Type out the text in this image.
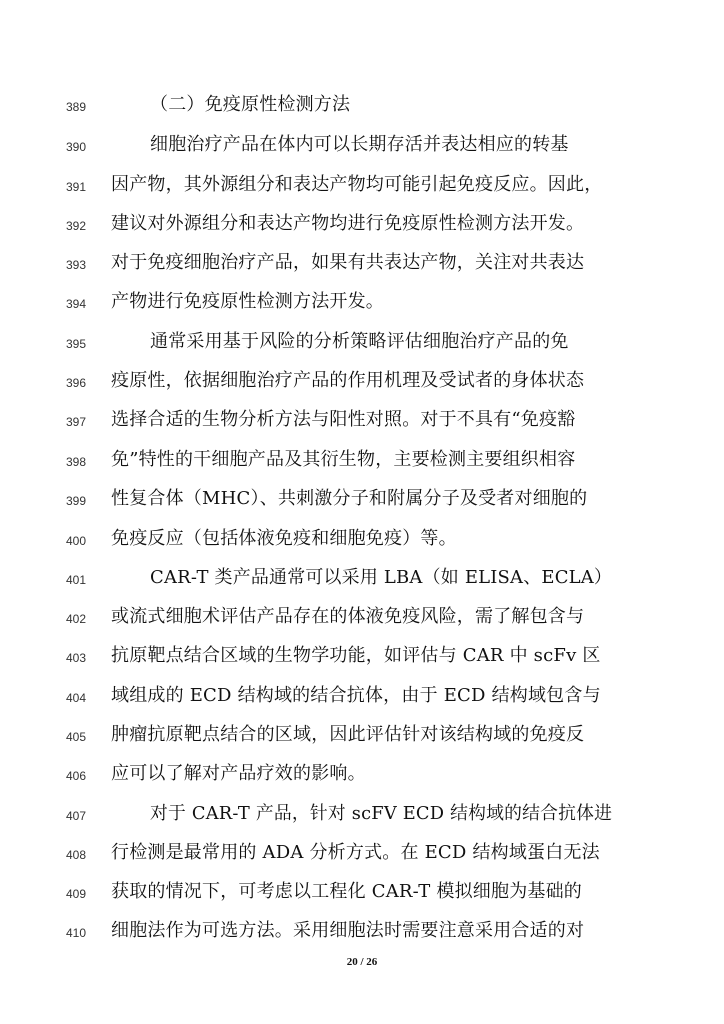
389	（二）免疫原性检测方法
390	细胞治疗产品在体内可以长期存活并表达相应的转基
391 因产物，其外源组分和表达产物均可能引起免疫反应。因此，
392 建议对外源组分和表达产物均进行免疫原性检测方法开发。
393 对于免疫细胞治疗产品，如果有共表达产物，关注对共表达
394 产物进行免疫原性检测方法开发。
395	通常采用基于风险的分析策略评估细胞治疗产品的免
396 疫原性，依据细胞治疗产品的作用机理及受试者的身体状态
397 选择合适的生物分析方法与阳性对照。对于不具有“免疫豁
398 免”特性的干细胞产品及其衍生物，主要检测主要组织相容
399 性复合体（MHC）、共刺激分子和附属分子及受者对细胞的
400 免疫反应（包括体液免疫和细胞免疫）等。
401	CAR-T 类产品通常可以采用 LBA（如 ELISA、ECLA）
402 或流式细胞术评估产品存在的体液免疫风险，需了解包含与
403 抗原靶点结合区域的生物学功能，如评估与 CAR 中 scFv 区
404 域组成的 ECD 结构域的结合抗体，由于 ECD 结构域包含与
405 肿瘤抗原靶点结合的区域，因此评估针对该结构域的免疫反
406 应可以了解对产品疗效的影响。
407	对于 CAR-T 产品，针对 scFV ECD 结构域的结合抗体进
408 行检测是最常用的 ADA 分析方式。在 ECD 结构域蛋白无法
409 获取的情况下，可考虑以工程化 CAR-T 模拟细胞为基础的
410 细胞法作为可选方法。采用细胞法时需要注意采用合适的对
20 / 26
